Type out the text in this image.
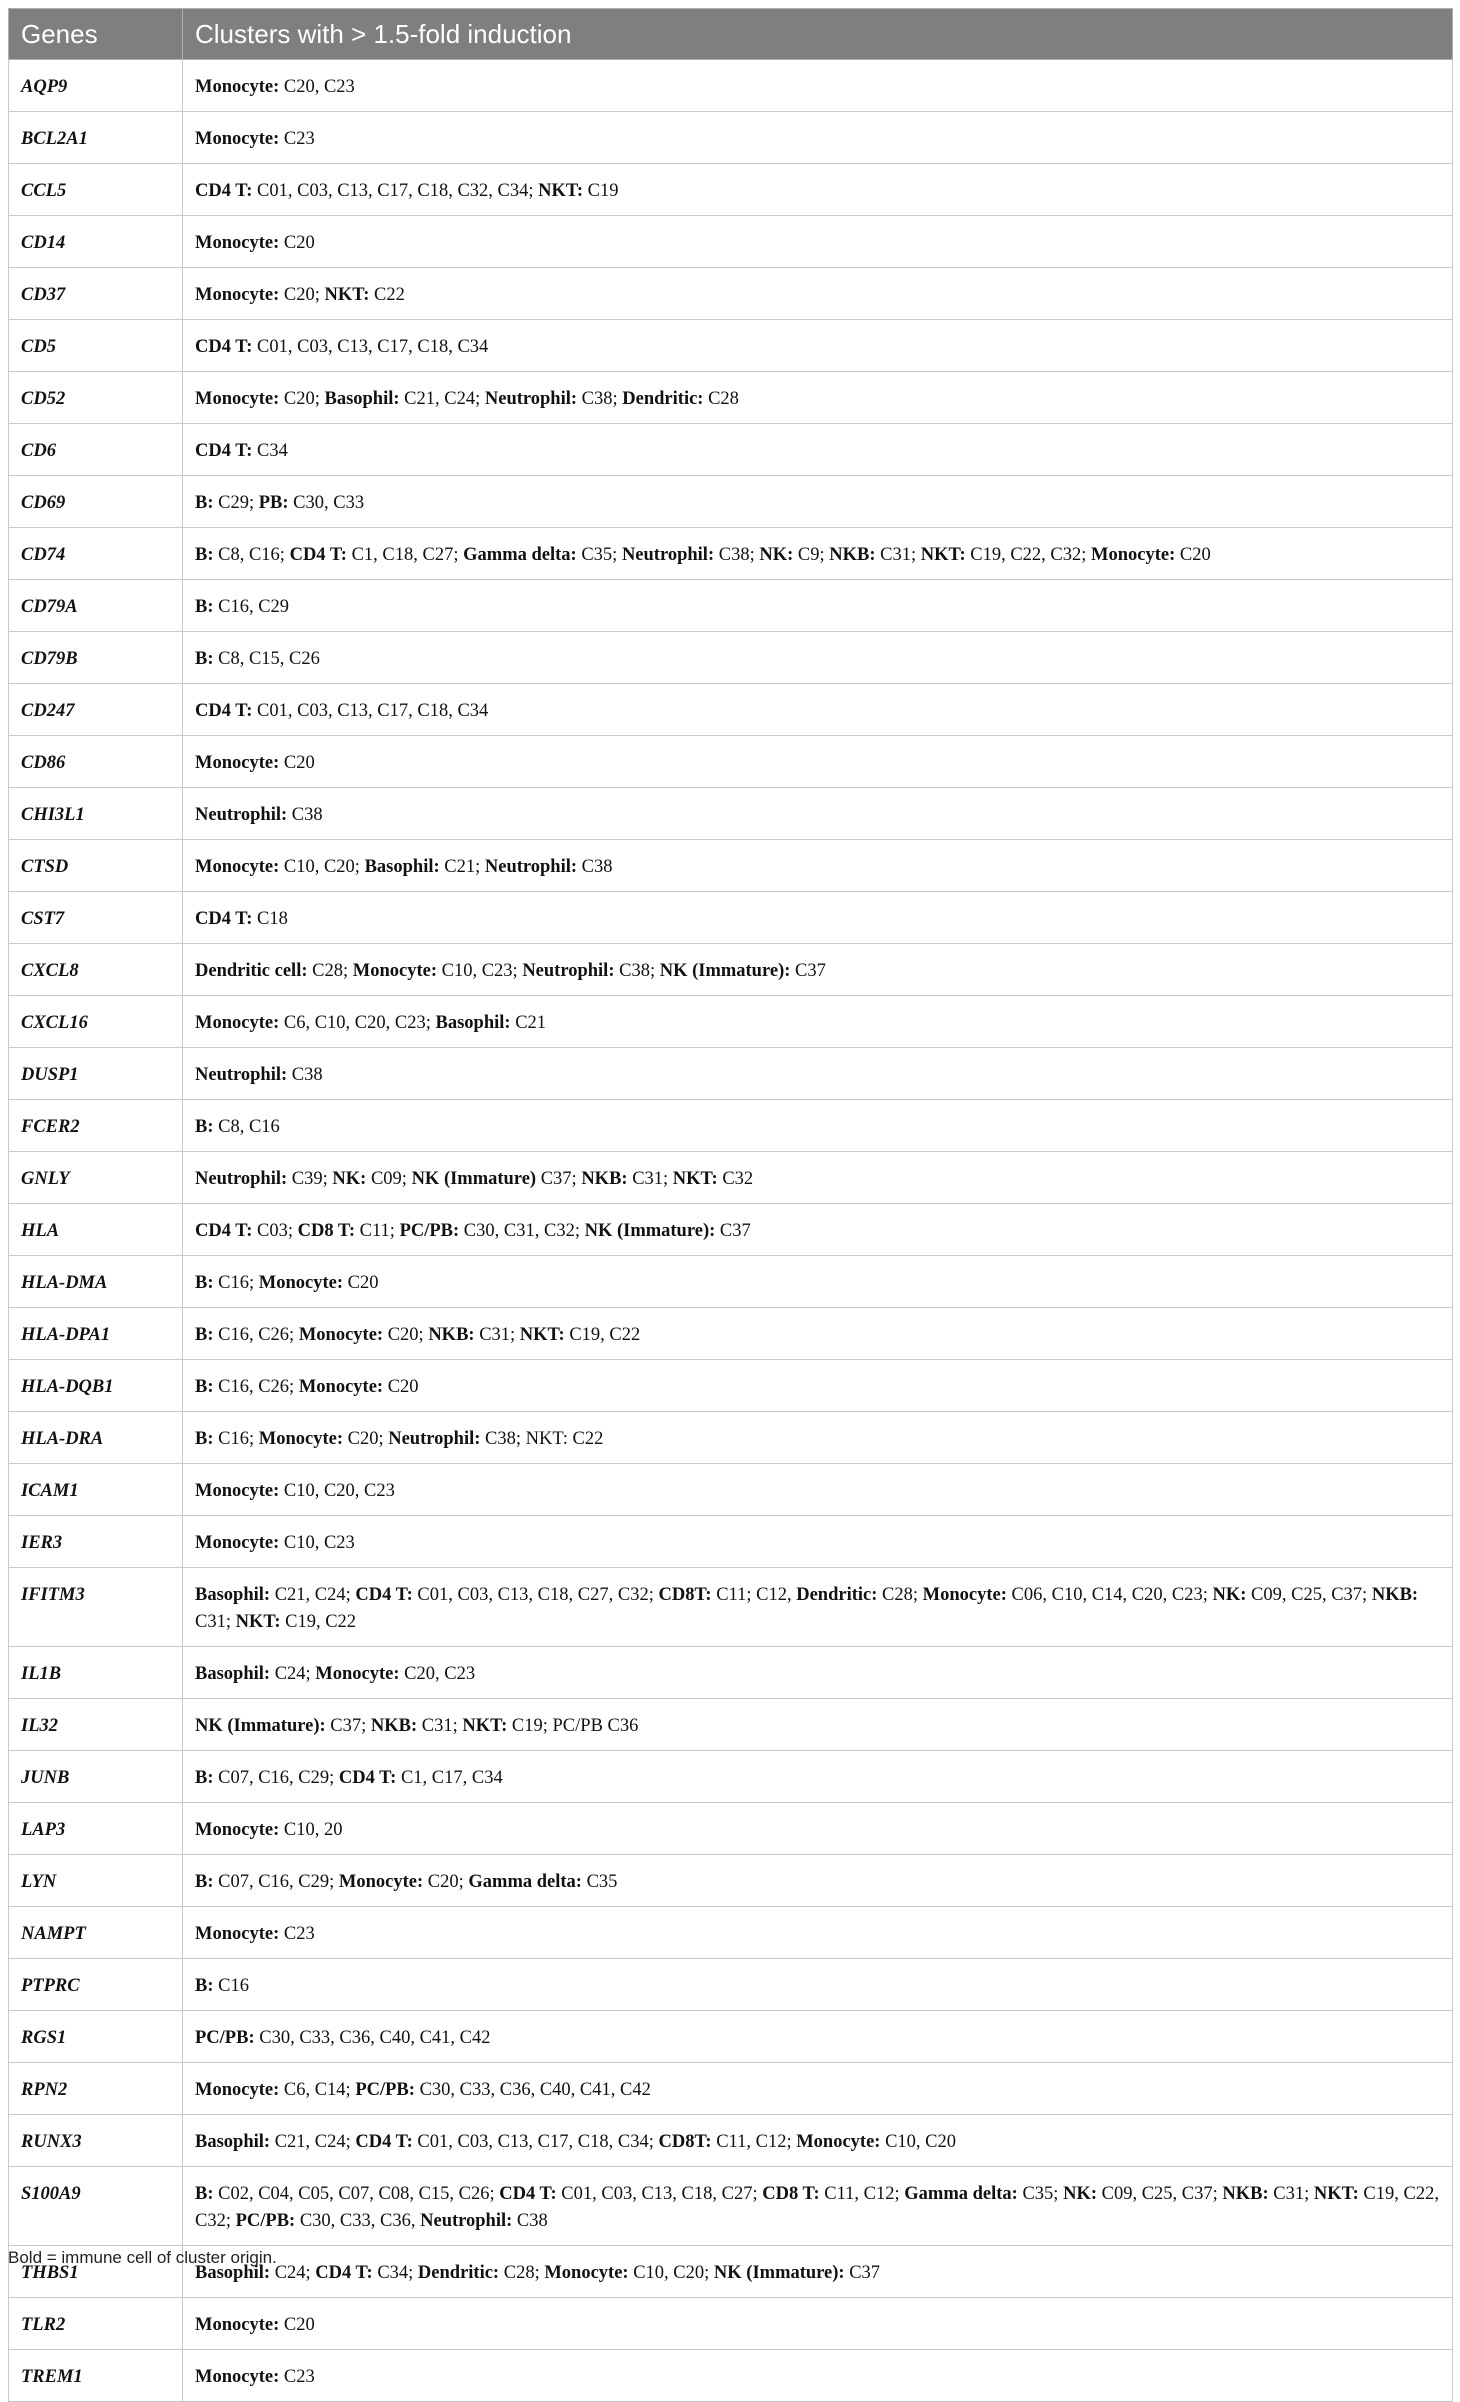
Genes	Clusters with > 1.5-fold induction
AQP9	Monocyte: C20, C23
BCL2A1	Monocyte: C23
CCL5	CD4 T: C01, C03, C13, C17, C18, C32, C34; NKT: C19
CD14	Monocyte: C20
CD37	Monocyte: C20; NKT: C22
CD5	CD4 T: C01, C03, C13, C17, C18, C34
CD52	Monocyte: C20; Basophil: C21, C24; Neutrophil: C38; Dendritic: C28
CD6	CD4 T: C34
CD69	B: C29; PB: C30, C33
CD74	B: C8, C16; CD4 T: C1, C18, C27; Gamma delta: C35; Neutrophil: C38; NK: C9; NKB: C31; NKT: C19, C22, C32; Monocyte: C20
CD79A	B: C16, C29
CD79B	B: C8, C15, C26
CD247	CD4 T: C01, C03, C13, C17, C18, C34
CD86	Monocyte: C20
CHI3L1	Neutrophil: C38
CTSD	Monocyte: C10, C20; Basophil: C21; Neutrophil: C38
CST7	CD4 T: C18
CXCL8	Dendritic cell: C28; Monocyte: C10, C23; Neutrophil: C38; NK (Immature): C37
CXCL16	Monocyte: C6, C10, C20, C23; Basophil: C21
DUSP1	Neutrophil: C38
FCER2	B: C8, C16
GNLY	Neutrophil: C39; NK: C09; NK (Immature) C37; NKB: C31; NKT: C32
HLA	CD4 T: C03; CD8 T: C11; PC/PB: C30, C31, C32; NK (Immature): C37
HLA-DMA	B: C16; Monocyte: C20
HLA-DPA1	B: C16, C26; Monocyte: C20; NKB: C31; NKT: C19, C22
HLA-DQB1	B: C16, C26; Monocyte: C20
HLA-DRA	B: C16; Monocyte: C20; Neutrophil: C38; NKT: C22
ICAM1	Monocyte: C10, C20, C23
IER3	Monocyte: C10, C23
IFITM3	Basophil: C21, C24; CD4 T: C01, C03, C13, C18, C27, C32; CD8T: C11; C12, Dendritic: C28; Monocyte: C06, C10, C14, C20, C23; NK: C09, C25, C37; NKB: C31; NKT: C19, C22
IL1B	Basophil: C24; Monocyte: C20, C23
IL32	NK (Immature): C37; NKB: C31; NKT: C19; PC/PB C36
JUNB	B: C07, C16, C29; CD4 T: C1, C17, C34
LAP3	Monocyte: C10, 20
LYN	B: C07, C16, C29; Monocyte: C20; Gamma delta: C35
NAMPT	Monocyte: C23
PTPRC	B: C16
RGS1	PC/PB: C30, C33, C36, C40, C41, C42
RPN2	Monocyte: C6, C14; PC/PB: C30, C33, C36, C40, C41, C42
RUNX3	Basophil: C21, C24; CD4 T: C01, C03, C13, C17, C18, C34; CD8T: C11, C12; Monocyte: C10, C20
S100A9	B: C02, C04, C05, C07, C08, C15, C26; CD4 T: C01, C03, C13, C18, C27; CD8 T: C11, C12; Gamma delta: C35; NK: C09, C25, C37; NKB: C31; NKT: C19, C22, C32; PC/PB: C30, C33, C36, Neutrophil: C38
THBS1	Basophil: C24; CD4 T: C34; Dendritic: C28; Monocyte: C10, C20; NK (Immature): C37
TLR2	Monocyte: C20
TREM1	Monocyte: C23
Bold = immune cell of cluster origin.
